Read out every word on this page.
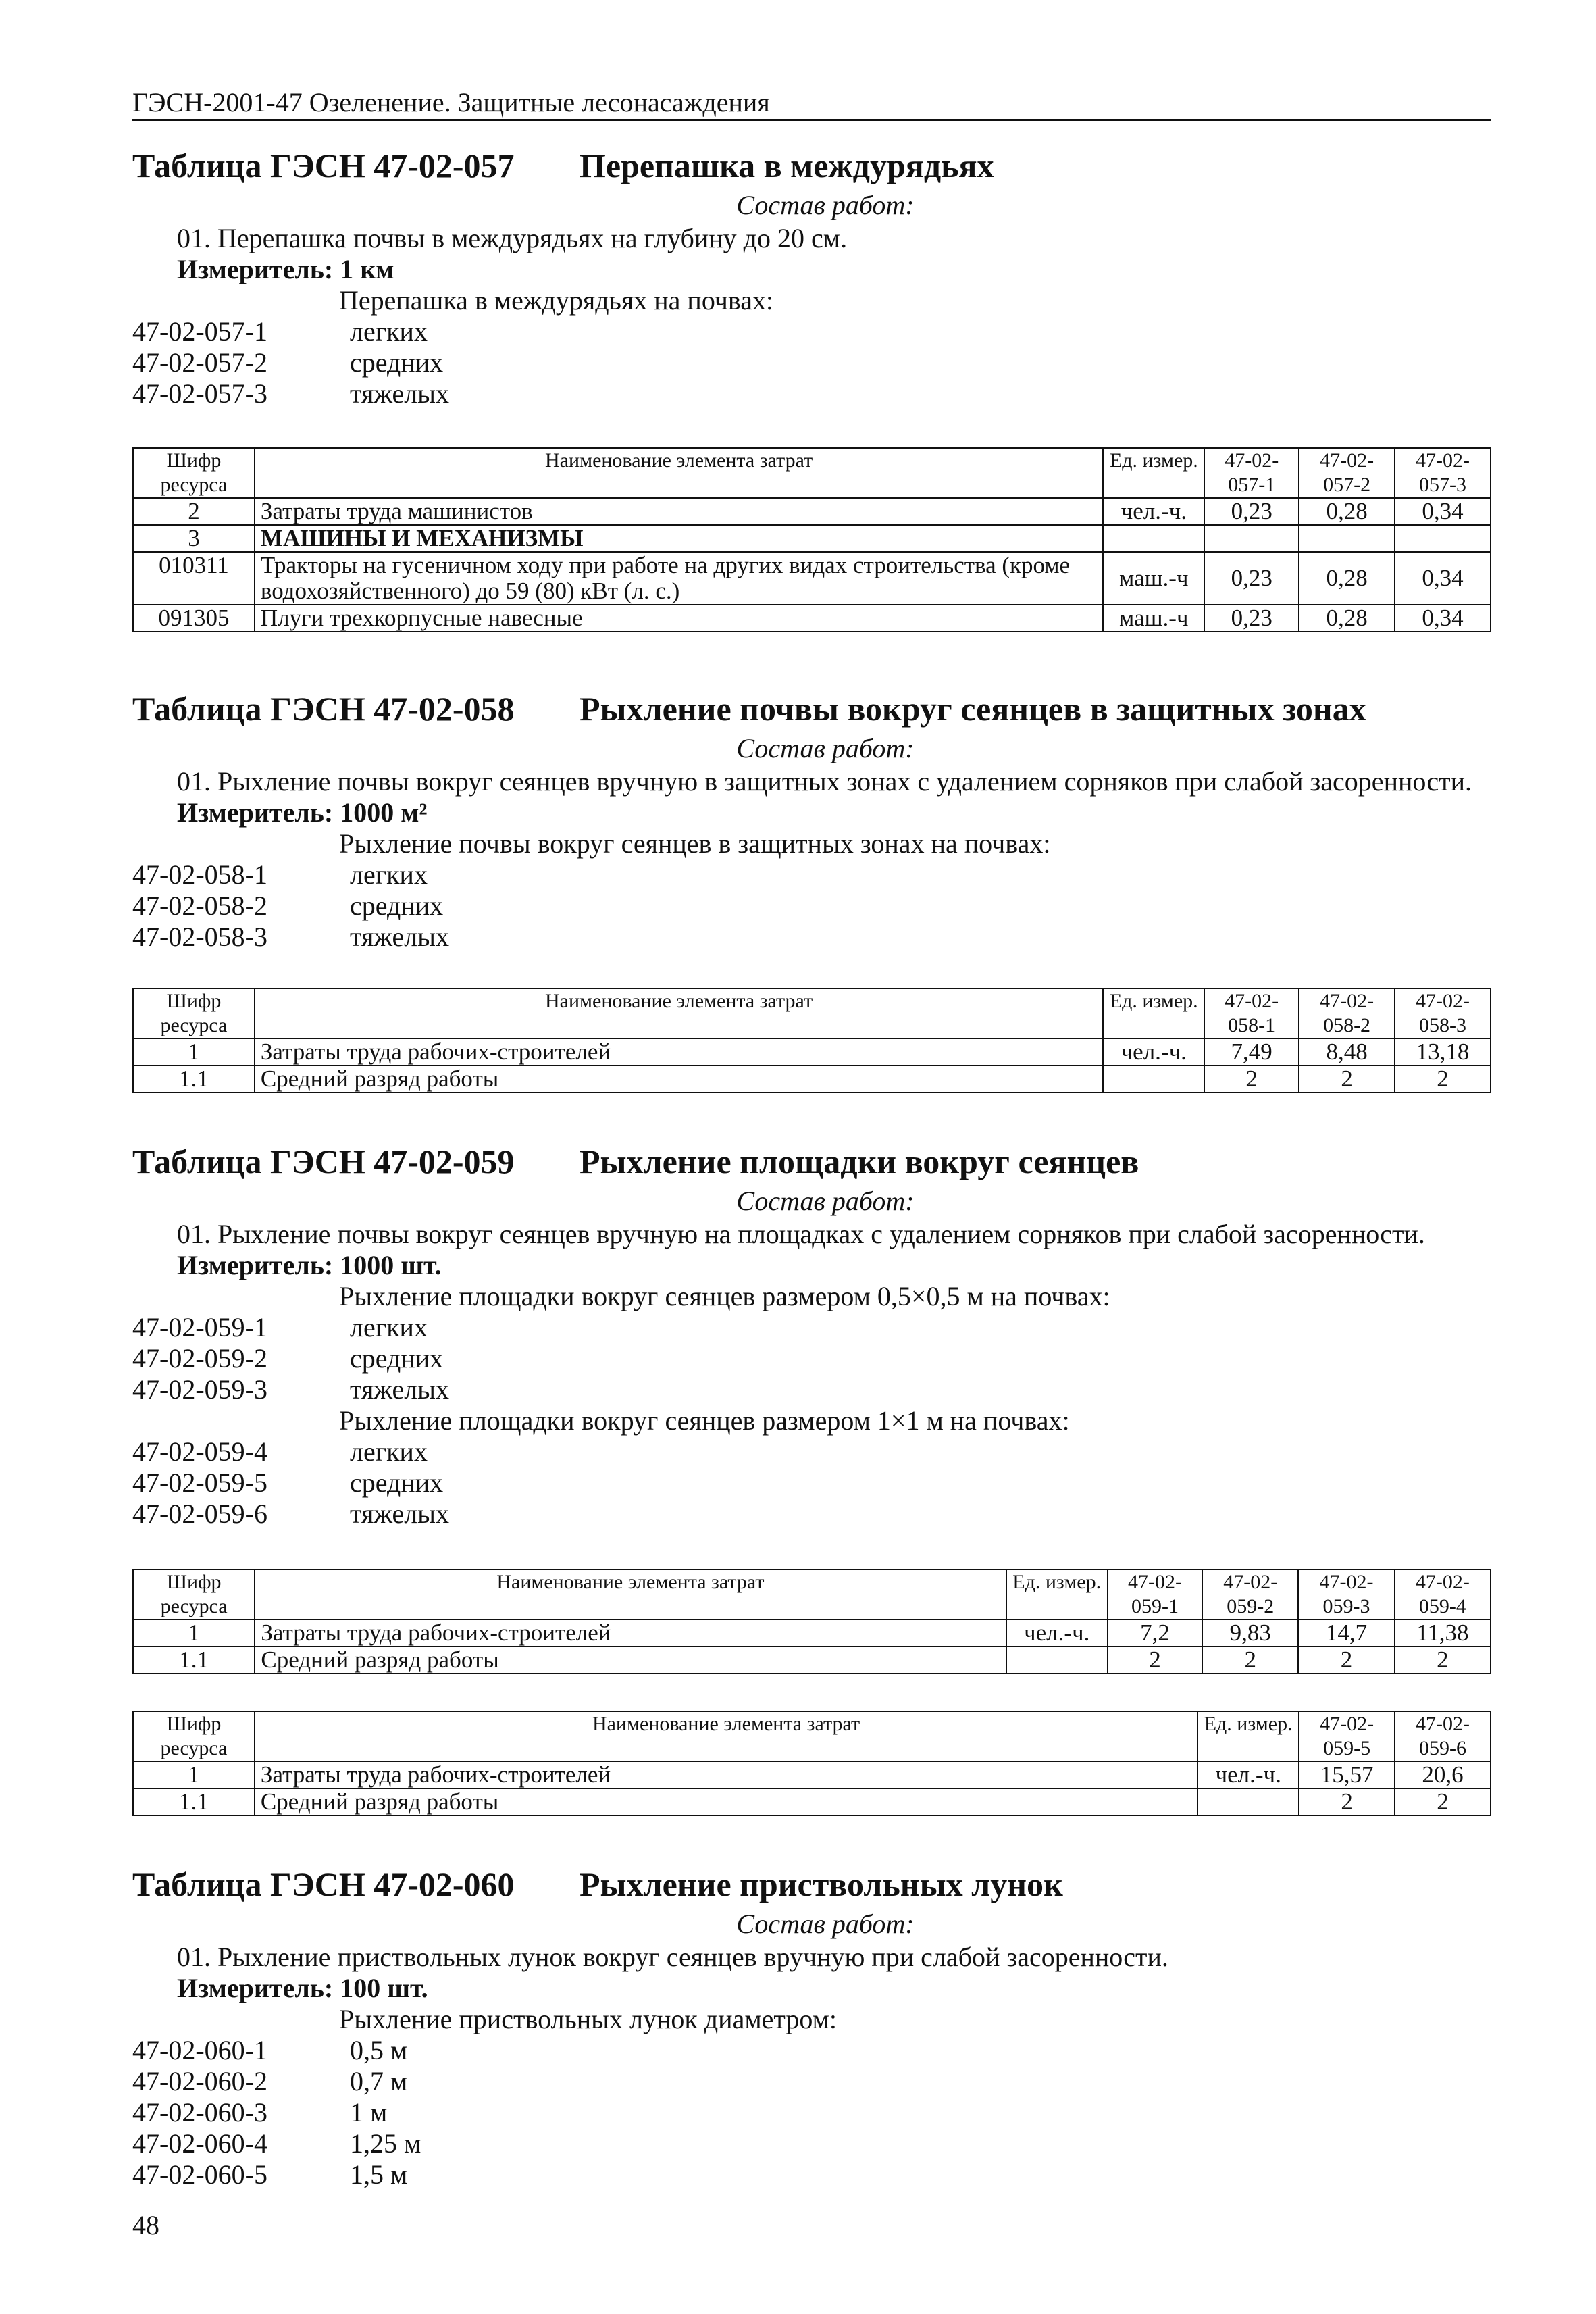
ГЭСН-2001-47 Озеленение. Защитные лесонасаждения
Таблица ГЭСН 47-02-057 Перепашка в междурядьях
Состав работ:
01. Перепашка почвы в междурядьях на глубину до 20 см.
Измеритель: 1 км
Перепашка в междурядьях на почвах:
47-02-057-1	легких
47-02-057-2	средних
47-02-057-3	тяжелых
Шифр ресурса	Наименование элемента затрат	Ед. измер.	47-02-057-1	47-02-057-2	47-02-057-3
2	Затраты труда машинистов	чел.-ч.	0,23	0,28	0,34
3	МАШИНЫ И МЕХАНИЗМЫ				
010311	Тракторы на гусеничном ходу при работе на других видах строительства (кроме водохозяйственного) до 59 (80) кВт (л. с.)	маш.-ч	0,23	0,28	0,34
091305	Плуги трехкорпусные навесные	маш.-ч	0,23	0,28	0,34
Таблица ГЭСН 47-02-058 Рыхление почвы вокруг сеянцев в защитных зонах
Состав работ:
01. Рыхление почвы вокруг сеянцев вручную в защитных зонах с удалением сорняков при слабой засоренности.
Измеритель: 1000 м²
Рыхление почвы вокруг сеянцев в защитных зонах на почвах:
47-02-058-1	легких
47-02-058-2	средних
47-02-058-3	тяжелых
Шифр ресурса	Наименование элемента затрат	Ед. измер.	47-02-058-1	47-02-058-2	47-02-058-3
1	Затраты труда рабочих-строителей	чел.-ч.	7,49	8,48	13,18
1.1	Средний разряд работы		2	2	2
Таблица ГЭСН 47-02-059 Рыхление площадки вокруг сеянцев
Состав работ:
01. Рыхление почвы вокруг сеянцев вручную на площадках с удалением сорняков при слабой засоренности.
Измеритель: 1000 шт.
Рыхление площадки вокруг сеянцев размером 0,5×0,5 м на почвах:
47-02-059-1	легких
47-02-059-2	средних
47-02-059-3	тяжелых
Рыхление площадки вокруг сеянцев размером 1×1 м на почвах:
47-02-059-4	легких
47-02-059-5	средних
47-02-059-6	тяжелых
Шифр ресурса	Наименование элемента затрат	Ед. измер.	47-02-059-1	47-02-059-2	47-02-059-3	47-02-059-4
1	Затраты труда рабочих-строителей	чел.-ч.	7,2	9,83	14,7	11,38
1.1	Средний разряд работы		2	2	2	2
Шифр ресурса	Наименование элемента затрат	Ед. измер.	47-02-059-5	47-02-059-6
1	Затраты труда рабочих-строителей	чел.-ч.	15,57	20,6
1.1	Средний разряд работы		2	2
Таблица ГЭСН 47-02-060 Рыхление приствольных лунок
Состав работ:
01. Рыхление приствольных лунок вокруг сеянцев вручную при слабой засоренности.
Измеритель: 100 шт.
Рыхление приствольных лунок диаметром:
47-02-060-1	0,5 м
47-02-060-2	0,7 м
47-02-060-3	1 м
47-02-060-4	1,25 м
47-02-060-5	1,5 м
48
